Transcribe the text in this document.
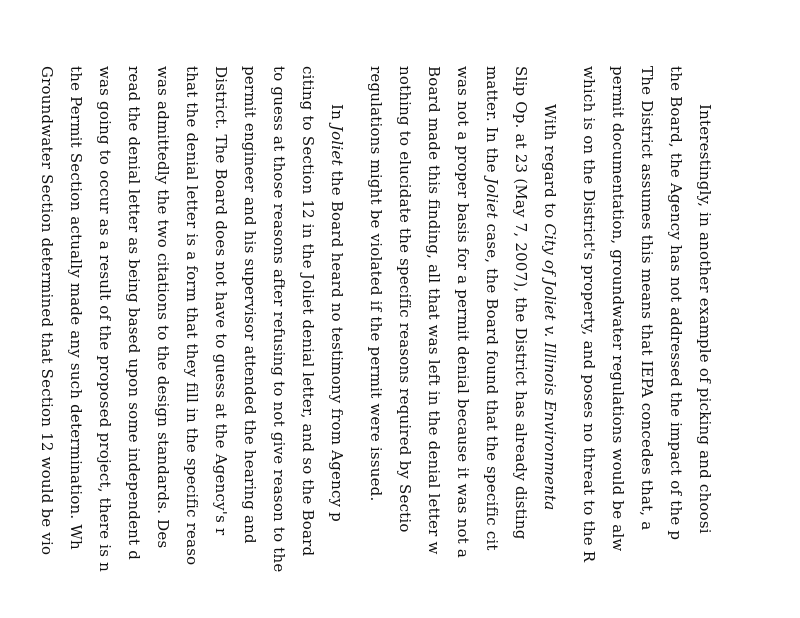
Interestingly, in another example of picking and choosi
the Board, the Agency has not addressed the impact of the p
The District assumes this means that IEPA concedes that, a
permit documentation, groundwater regulations would be alw
which is on the District's property, and poses no threat to the R
With regard to City of Joliet v. Illinois Environmenta
Slip Op. at 23 (May 7, 2007), the District has already disting
matter. In the Joliet case, the Board found that the specific cit
was not a proper basis for a permit denial because it was not a
Board made this finding, all that was left in the denial letter w
nothing to elucidate the specific reasons required by Sectio
regulations might be violated if the permit were issued.
In Joliet the Board heard no testimony from Agency p
citing to Section 12 in the Joliet denial letter, and so the Board
to guess at those reasons after refusing to not give reason to the
permit engineer and his supervisor attended the hearing and
District. The Board does not have to guess at the Agency's r
that the denial letter is a form that they fill in the specific reaso
was admittedly the two citations to the design standards. Des
read the denial letter as being based upon some independent d
was going to occur as a result of the proposed project, there is n
the Permit Section actually made any such determination. Wh
Groundwater Section determined that Section 12 would be vio
